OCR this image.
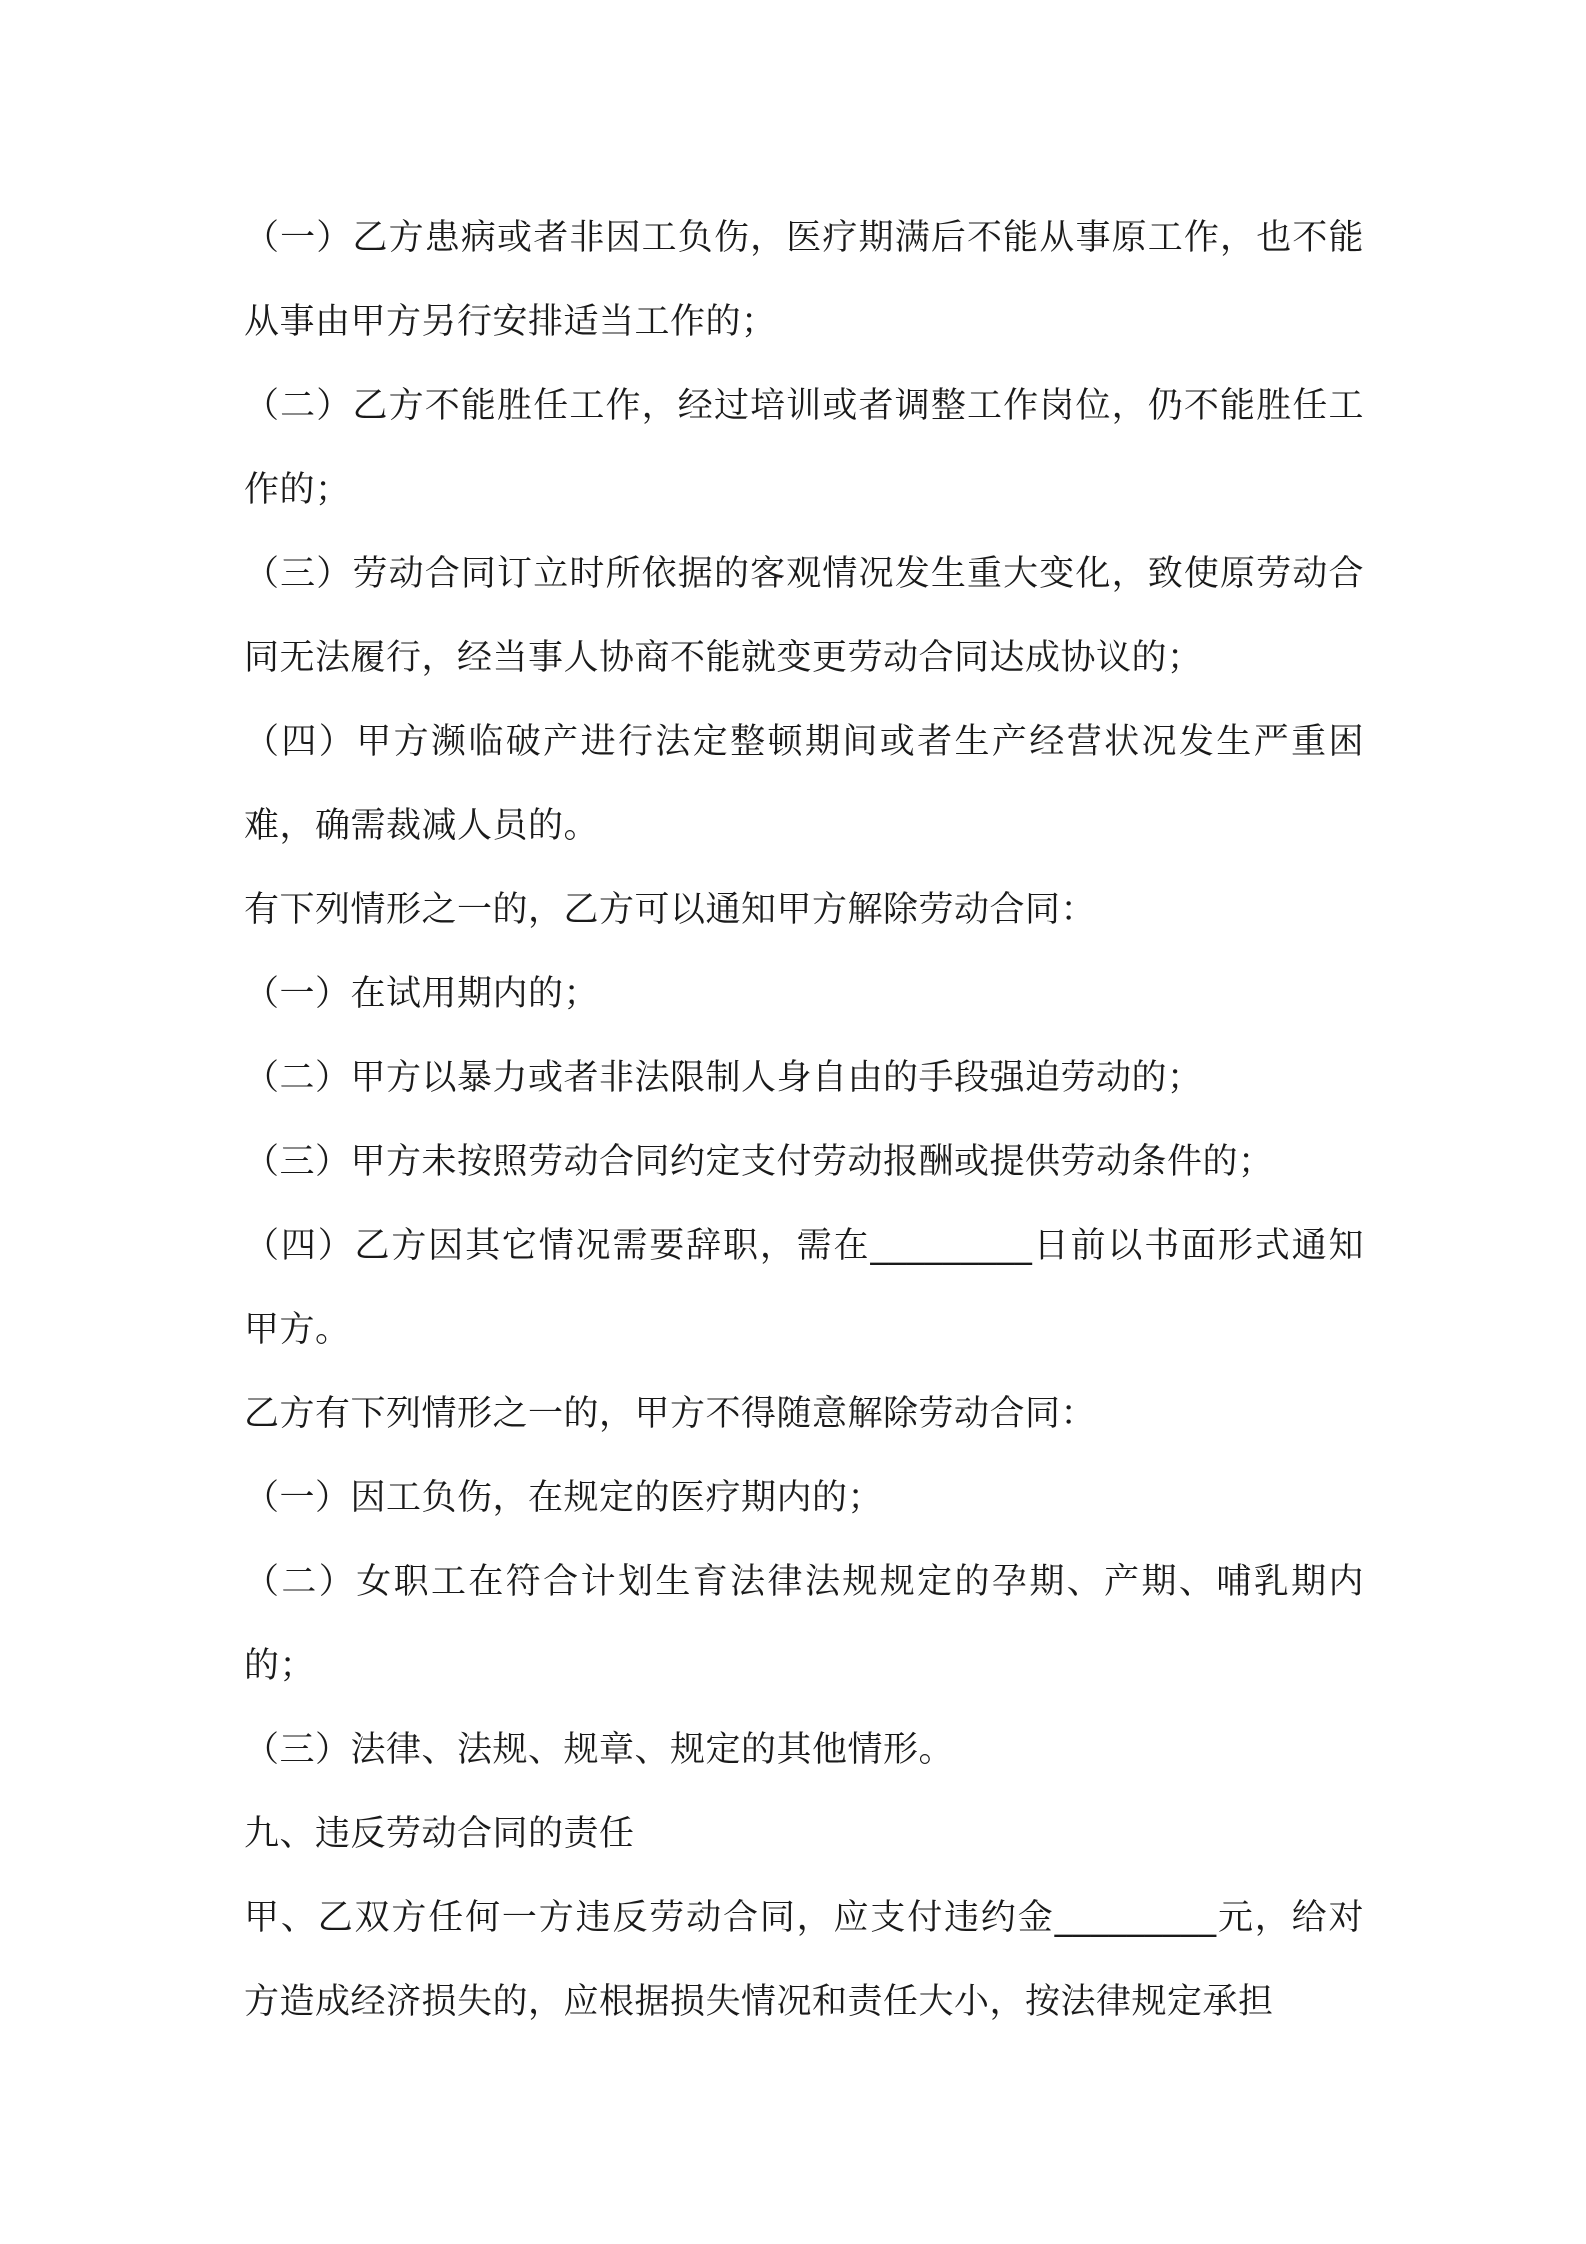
（一）乙方患病或者非因工负伤，医疗期满后不能从事原工作，也不能从事由甲方另行安排适当工作的；

（二）乙方不能胜任工作，经过培训或者调整工作岗位，仍不能胜任工作的；

（三）劳动合同订立时所依据的客观情况发生重大变化，致使原劳动合同无法履行，经当事人协商不能就变更劳动合同达成协议的；

（四）甲方濒临破产进行法定整顿期间或者生产经营状况发生严重困难，确需裁减人员的。

有下列情形之一的，乙方可以通知甲方解除劳动合同：

（一）在试用期内的；

（二）甲方以暴力或者非法限制人身自由的手段强迫劳动的；

（三）甲方未按照劳动合同约定支付劳动报酬或提供劳动条件的；

（四）乙方因其它情况需要辞职，需在_________日前以书面形式通知甲方。

乙方有下列情形之一的，甲方不得随意解除劳动合同：

（一）因工负伤，在规定的医疗期内的；

（二）女职工在符合计划生育法律法规规定的孕期、产期、哺乳期内的；

（三）法律、法规、规章、规定的其他情形。

九、违反劳动合同的责任

甲、乙双方任何一方违反劳动合同，应支付违约金_________元，给对方造成经济损失的，应根据损失情况和责任大小，按法律规定承担
